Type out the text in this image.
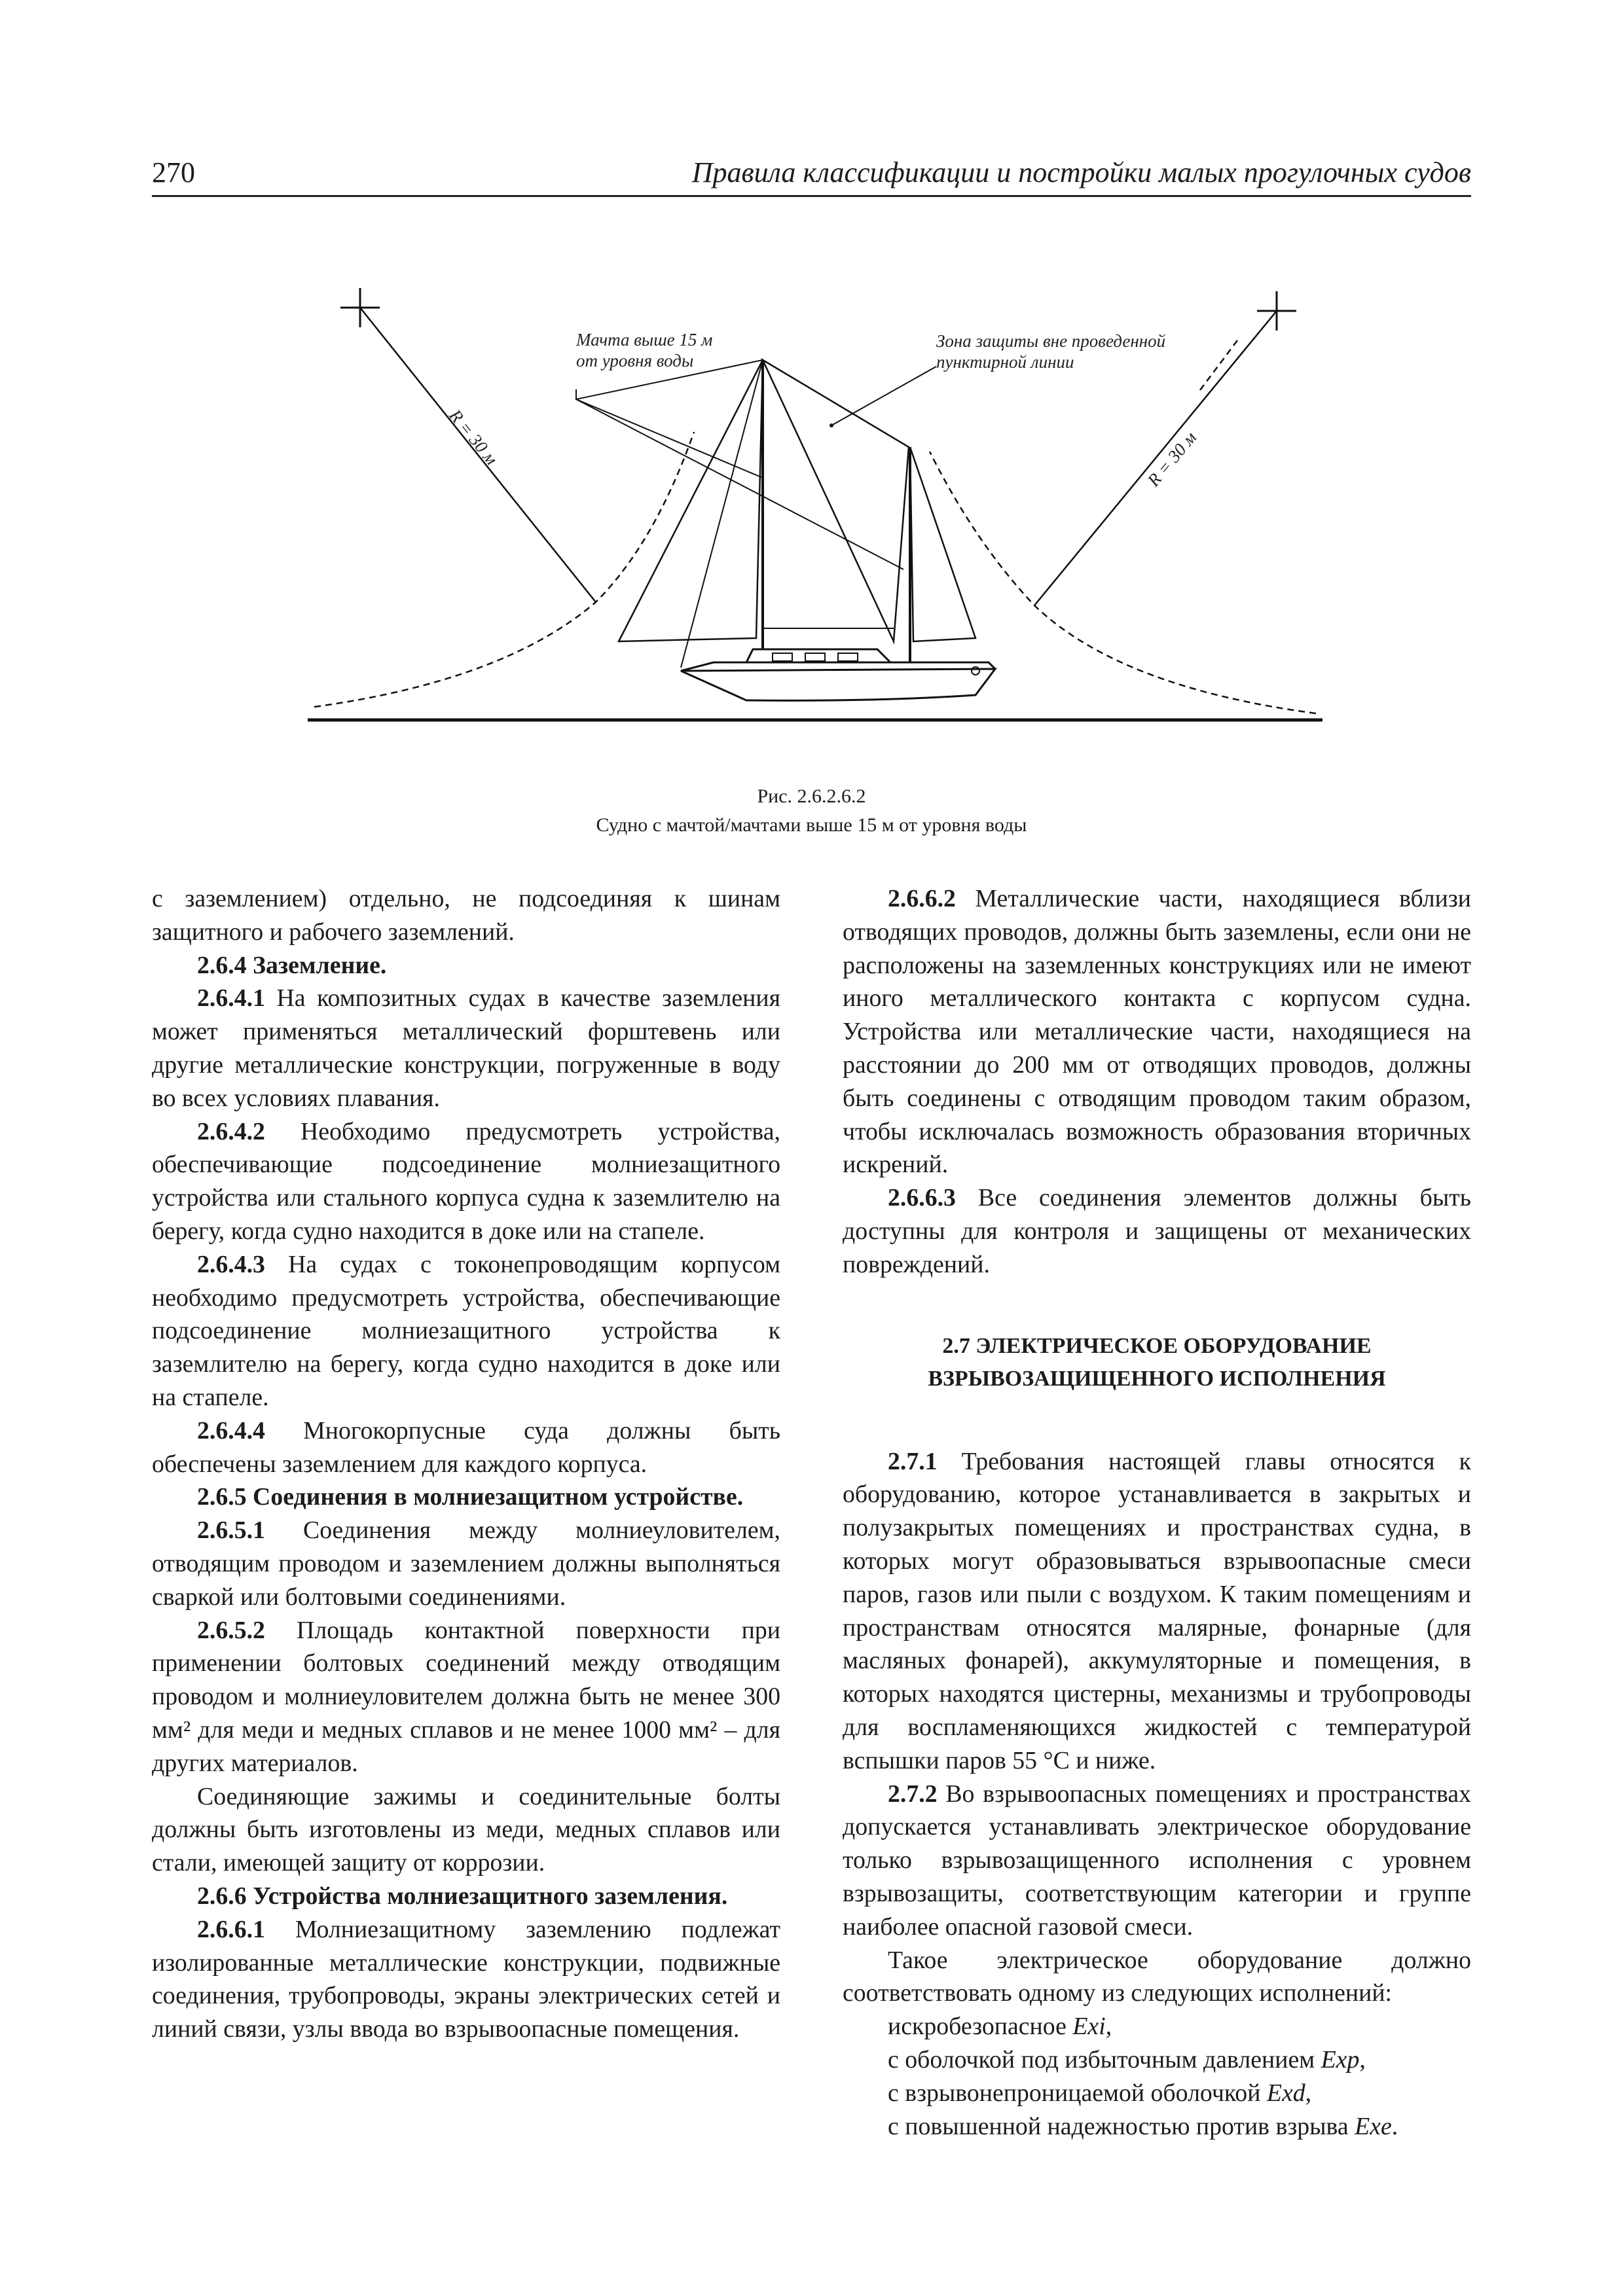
270	Правила классификации и постройки малых прогулочных судов
R = 30 м	R = 30 м
Мачта выше 15 м
от уровня воды
Зона защиты вне проведенной
пунктирной линии
Рис. 2.6.2.6.2
Судно с мачтой/мачтами выше 15 м от уровня воды

с заземлением) отдельно, не подсоединяя к шинам защитного и рабочего заземлений.

2.6.4 Заземление.

2.6.4.1 На композитных судах в качестве заземления может применяться металлический форштевень или другие металлические конструкции, погруженные в воду во всех условиях плавания.

2.6.4.2 Необходимо предусмотреть устройства, обеспечивающие подсоединение молниезащитного устройства или стального корпуса судна к заземлителю на берегу, когда судно находится в доке или на стапеле.

2.6.4.3 На судах с токонепроводящим корпусом необходимо предусмотреть устройства, обеспечивающие подсоединение молниезащитного устройства к заземлителю на берегу, когда судно находится в доке или на стапеле.

2.6.4.4 Многокорпусные суда должны быть обеспечены заземлением для каждого корпуса.

2.6.5 Соединения в молниезащитном устройстве.

2.6.5.1 Соединения между молниеуловителем, отводящим проводом и заземлением должны выполняться сваркой или болтовыми соединениями.

2.6.5.2 Площадь контактной поверхности при применении болтовых соединений между отводящим проводом и молниеуловителем должна быть не менее 300 мм² для меди и медных сплавов и не менее 1000 мм² – для других материалов.

Соединяющие зажимы и соединительные болты должны быть изготовлены из меди, медных сплавов или стали, имеющей защиту от коррозии.

2.6.6 Устройства молниезащитного заземления.

2.6.6.1 Молниезащитному заземлению подлежат изолированные металлические конструкции, подвижные соединения, трубопроводы, экраны электрических сетей и линий связи, узлы ввода во взрывоопасные помещения.

2.6.6.2 Металлические части, находящиеся вблизи отводящих проводов, должны быть заземлены, если они не расположены на заземленных конструкциях или не имеют иного металлического контакта с корпусом судна. Устройства или металлические части, находящиеся на расстоянии до 200 мм от отводящих проводов, должны быть соединены с отводящим проводом таким образом, чтобы исключалась возможность образования вторичных искрений.

2.6.6.3 Все соединения элементов должны быть доступны для контроля и защищены от механических повреждений.

2.7 ЭЛЕКТРИЧЕСКОЕ ОБОРУДОВАНИЕ
ВЗРЫВОЗАЩИЩЕННОГО ИСПОЛНЕНИЯ

2.7.1 Требования настоящей главы относятся к оборудованию, которое устанавливается в закрытых и полузакрытых помещениях и пространствах судна, в которых могут образовываться взрывоопасные смеси паров, газов или пыли с воздухом. К таким помещениям и пространствам относятся малярные, фонарные (для масляных фонарей), аккумуляторные и помещения, в которых находятся цистерны, механизмы и трубопроводы для воспламеняющихся жидкостей с температурой вспышки паров 55 °С и ниже.

2.7.2 Во взрывоопасных помещениях и пространствах допускается устанавливать электрическое оборудование только взрывозащищенного исполнения с уровнем взрывозащиты, соответствующим категории и группе наиболее опасной газовой смеси.

Такое электрическое оборудование должно соответствовать одному из следующих исполнений:

искробезопасное Exi,

с оболочкой под избыточным давлением Exp,

с взрывонепроницаемой оболочкой Exd,

с повышенной надежностью против взрыва Exe.
